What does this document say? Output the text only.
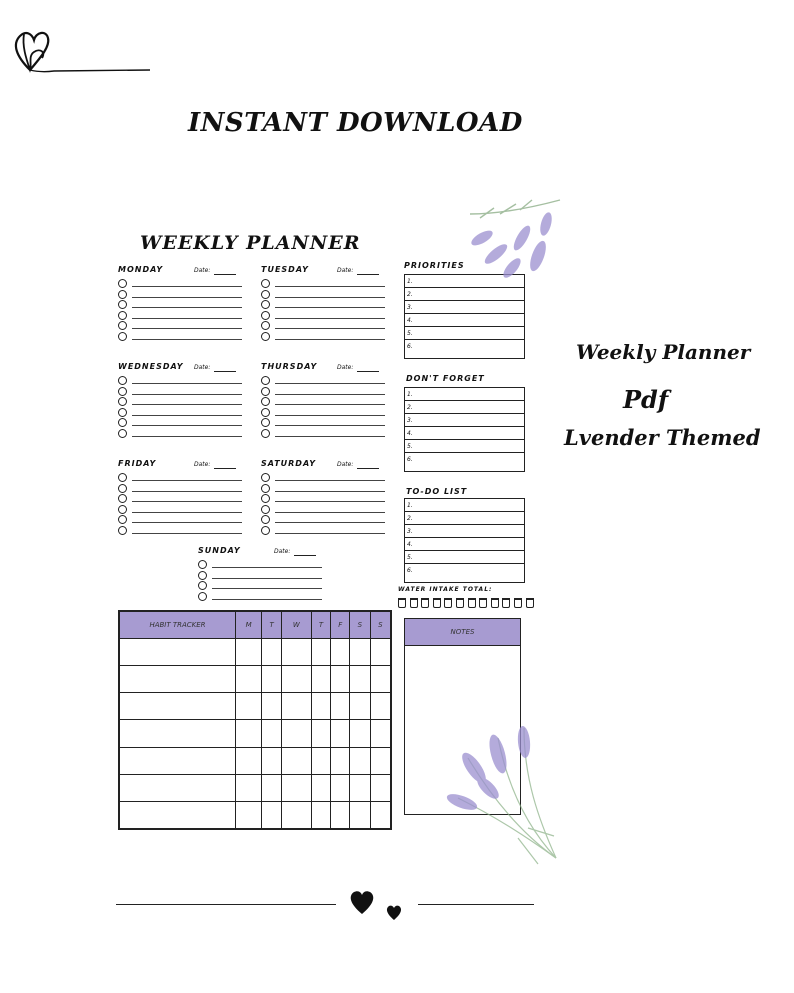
INSTANT DOWNLOAD
WEEKLY PLANNER
MONDAY	Date:	TUESDAY	Date:
WEDNESDAY Date:	THURSDAY	Date:
FRIDAY	Date:	SATURDAY	Date:
SUNDAY	Date:
PRIORITIES
1.
2.
3.
4.
5.
6.
DON'T FORGET
1.
2.
3.
4.
5.
6.
TO-DO LIST
1.
2.
3.
4.
5.
6.
WATER INTAKE TOTAL:
HABIT TRACKER	M	T	W	T	F	S	S

NOTES
Weekly Planner
Pdf
Lvender Themed
